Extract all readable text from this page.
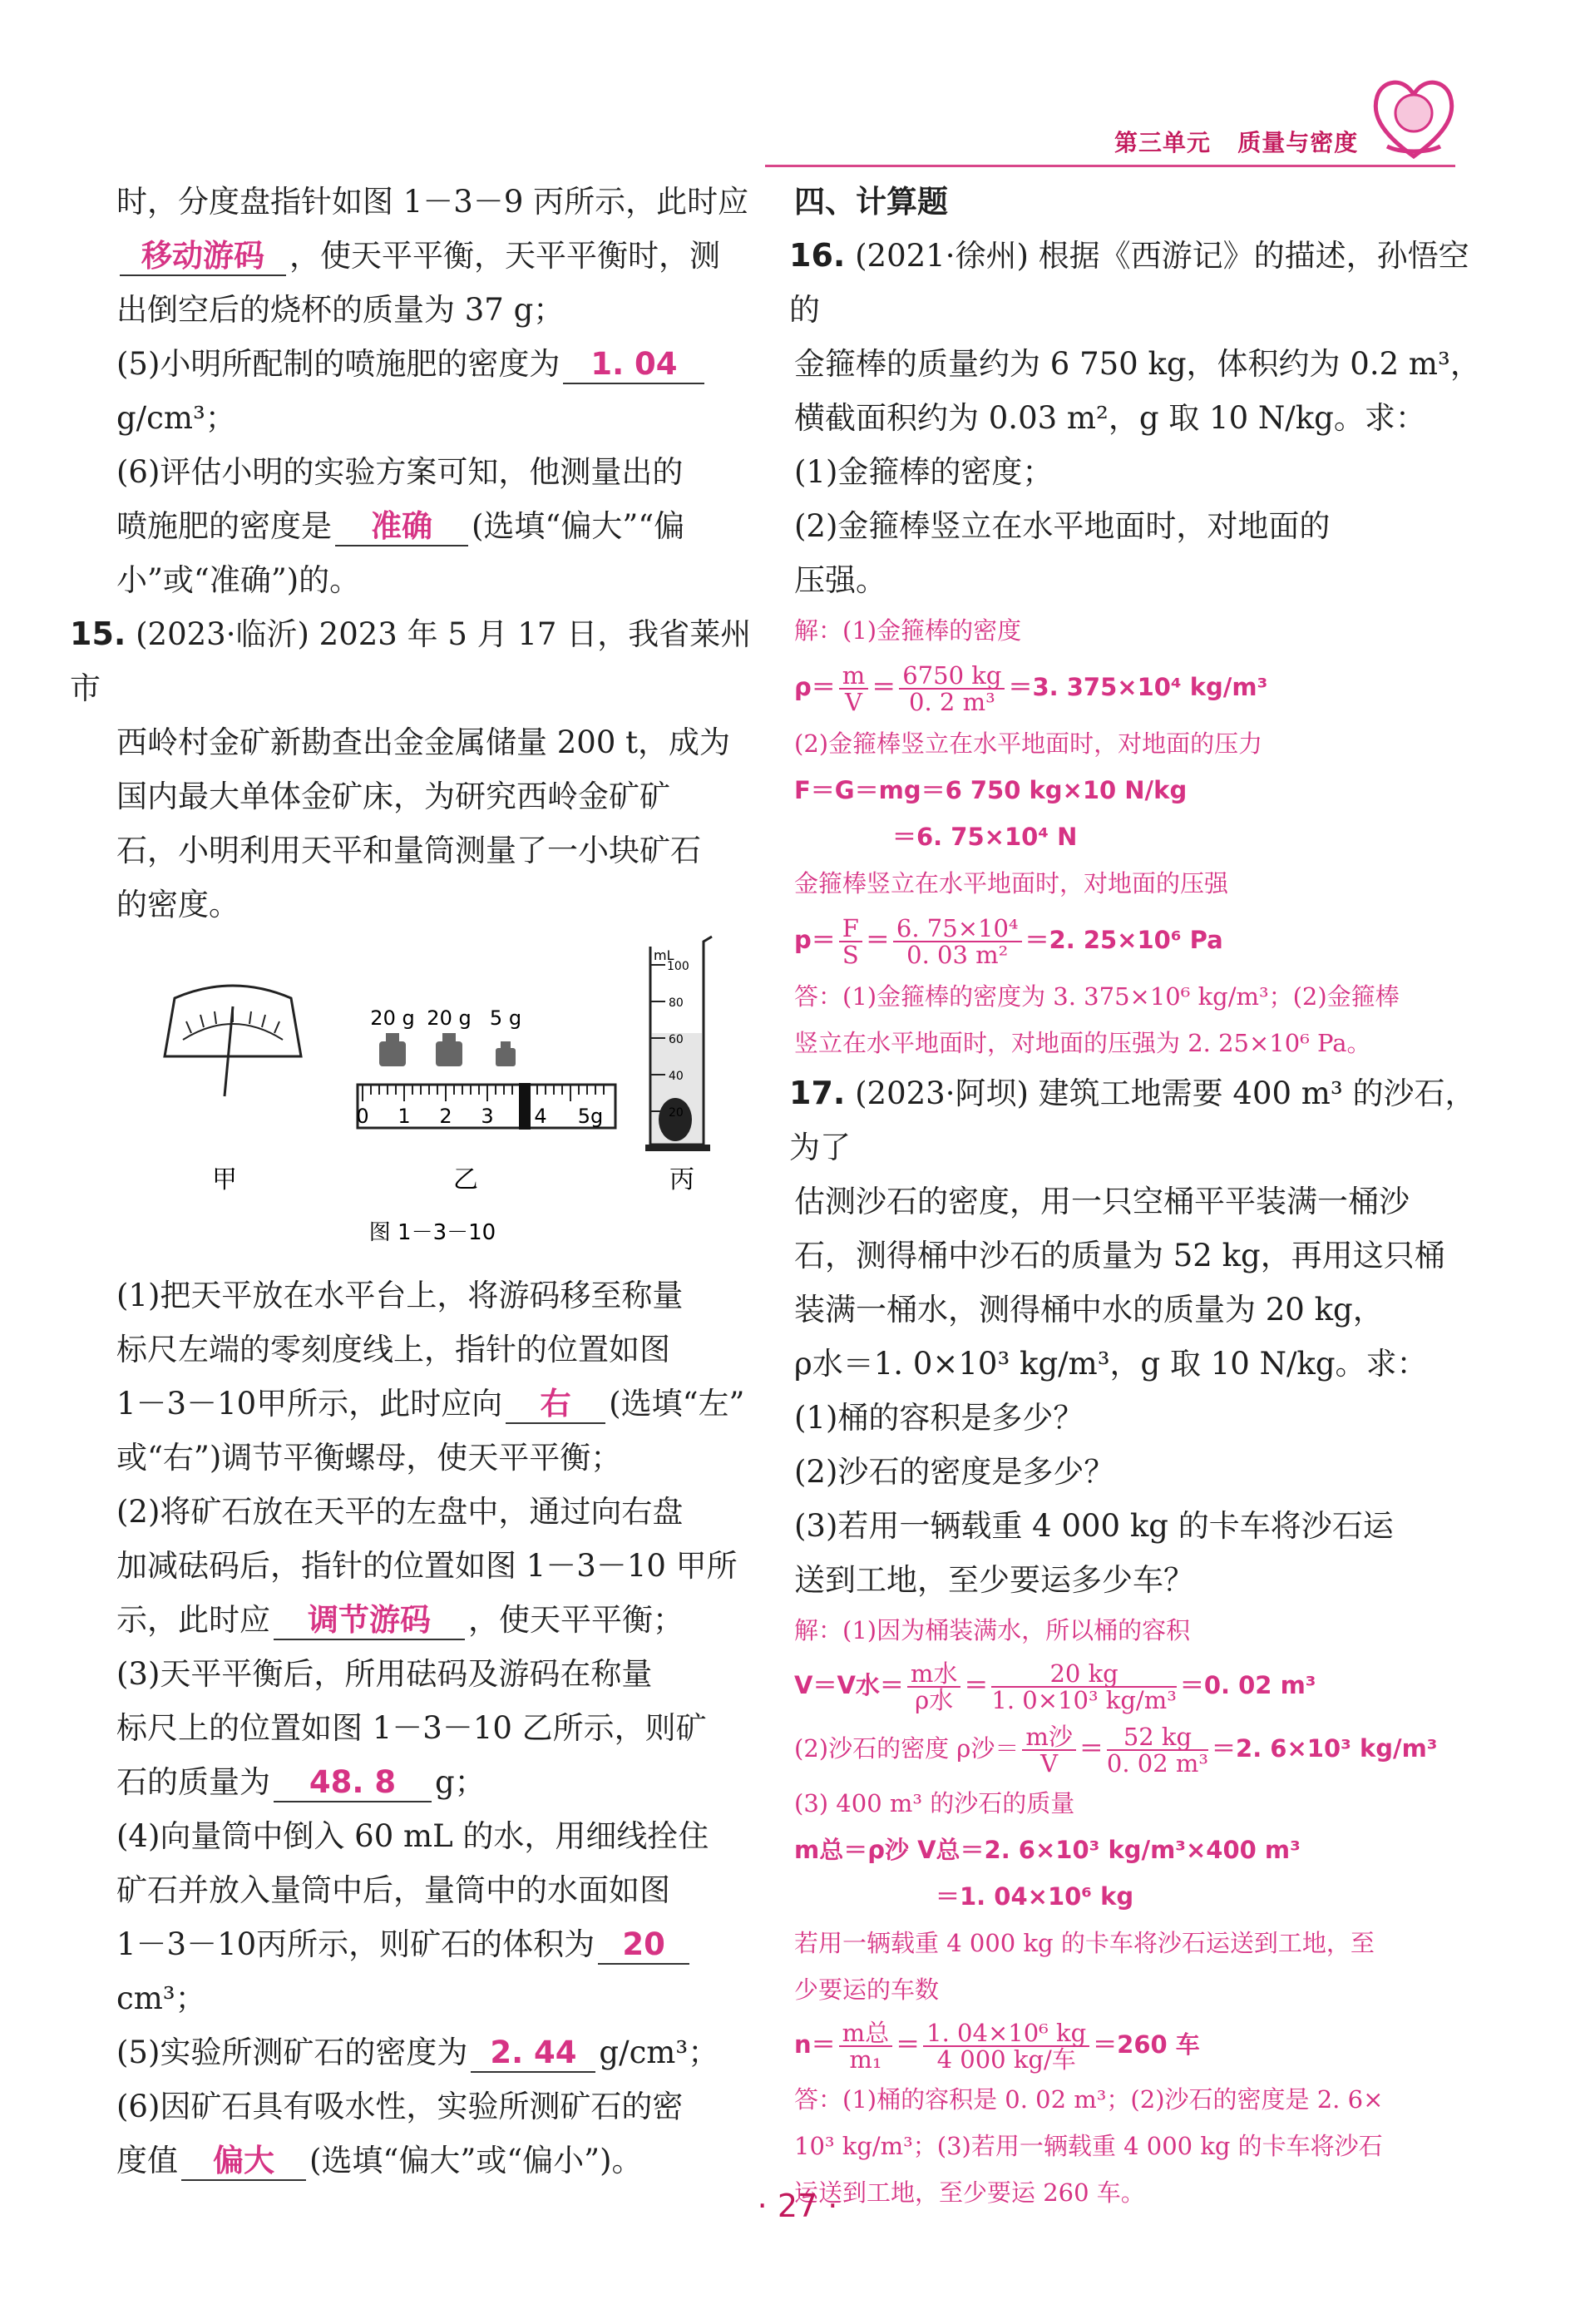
第三单元 质量与密度

时，分度盘指针如图 1－3－9 丙所示，此时应

移动游码 ，使天平平衡，天平平衡时，测

出倒空后的烧杯的质量为 37 g；

(5)小明所配制的喷施肥的密度为 1. 04

g/cm³；

(6)评估小明的实验方案可知，他测量出的

喷施肥的密度是 准确 (选填“偏大”“偏

小”或“准确”)的。

15. (2023·临沂) 2023 年 5 月 17 日，我省莱州市

西岭村金矿新勘查出金金属储量 200 t，成为

国内最大单体金矿床，为研究西岭金矿矿

石，小明利用天平和量筒测量了一小块矿石

的密度。

甲
20 g 20 g 5 g
0 1 2 3 4 5g
乙
mL
100
80
60
40
20
丙
图 1－3－10

(1)把天平放在水平台上，将游码移至称量

标尺左端的零刻度线上，指针的位置如图

1－3－10甲所示，此时应向 右 (选填“左”

或“右”)调节平衡螺母，使天平平衡；

(2)将矿石放在天平的左盘中，通过向右盘

加减砝码后，指针的位置如图 1－3－10 甲所

示，此时应 调节游码 ，使天平平衡；

(3)天平平衡后，所用砝码及游码在称量

标尺上的位置如图 1－3－10 乙所示，则矿

石的质量为 48. 8 g；

(4)向量筒中倒入 60 mL 的水，用细线拴住

矿石并放入量筒中后，量筒中的水面如图

1－3－10丙所示，则矿石的体积为 20cm³；

(5)实验所测矿石的密度为 2. 44 g/cm³；

(6)因矿石具有吸水性，实验所测矿石的密

度值 偏大 (选填“偏大”或“偏小”)。

四、计算题

16. (2021·徐州) 根据《西游记》的描述，孙悟空的

金箍棒的质量约为 6 750 kg，体积约为 0.2 m³，

横截面积约为 0.03 m²，g 取 10 N/kg。求：

(1)金箍棒的密度；

(2)金箍棒竖立在水平地面时，对地面的

压强。

解：(1)金箍棒的密度

$\rho= \frac{m}{V} = \frac{6750 kg}{\text{0. 2 m³}} =3$. 375×10⁴ kg/m³

(2)金箍棒竖立在水平地面时，对地面的压力

F＝G＝mg＝6 750 kg×10 N/kg

＝6. 75×10⁴ N

金箍棒竖立在水平地面时，对地面的压强

$p= \frac{F}{S} = \frac{\text{6. 75×10⁴}}{\text{0. 03 m²}} =2$. 25×10⁶ Pa

答：(1)金箍棒的密度为 3. 375×10⁶ kg/m³；(2)金箍棒

竖立在水平地面时，对地面的压强为 2. 25×10⁶ Pa。

17. (2023·阿坝) 建筑工地需要 400 m³ 的沙石，为了

估测沙石的密度，用一只空桶平平装满一桶沙

石，测得桶中沙石的质量为 52 kg，再用这只桶

装满一桶水，测得桶中水的质量为 20 kg，

ρ水＝1. 0×10³ kg/m³，g 取 10 N/kg。求：

(1)桶的容积是多少？

(2)沙石的密度是多少？

(3)若用一辆载重 4 000 kg 的卡车将沙石运

送到工地，至少要运多少车？

解：(1)因为桶装满水，所以桶的容积

V＝V水＝ $\frac{\text{m水}}{\text{ρ水}} = \frac{20 kg}{\text{1. 0×10³ kg/m³}} =0$. 02 m³

(2)沙石的密度 ρ沙＝ $\frac{\text{m沙}}{V} = \frac{52 kg}{\text{0. 02 m³}} =2$. 6×10³ kg/m³

(3) 400 m³ 的沙石的质量

m总＝ρ沙 V总＝2. 6×10³ kg/m³×400 m³

＝1. 04×10⁶ kg

若用一辆载重 4 000 kg 的卡车将沙石运送到工地，至

少要运的车数

$n= \frac{\text{m总}}{\text{m₁}} = \frac{\text{1. 04×10⁶ kg}}{\text{4 000 kg/车}} =260$ 车

答：(1)桶的容积是 0. 02 m³；(2)沙石的密度是 2. 6×

10³ kg/m³；(3)若用一辆载重 4 000 kg 的卡车将沙石

运送到工地，至少要运 260 车。

· 27 ·
